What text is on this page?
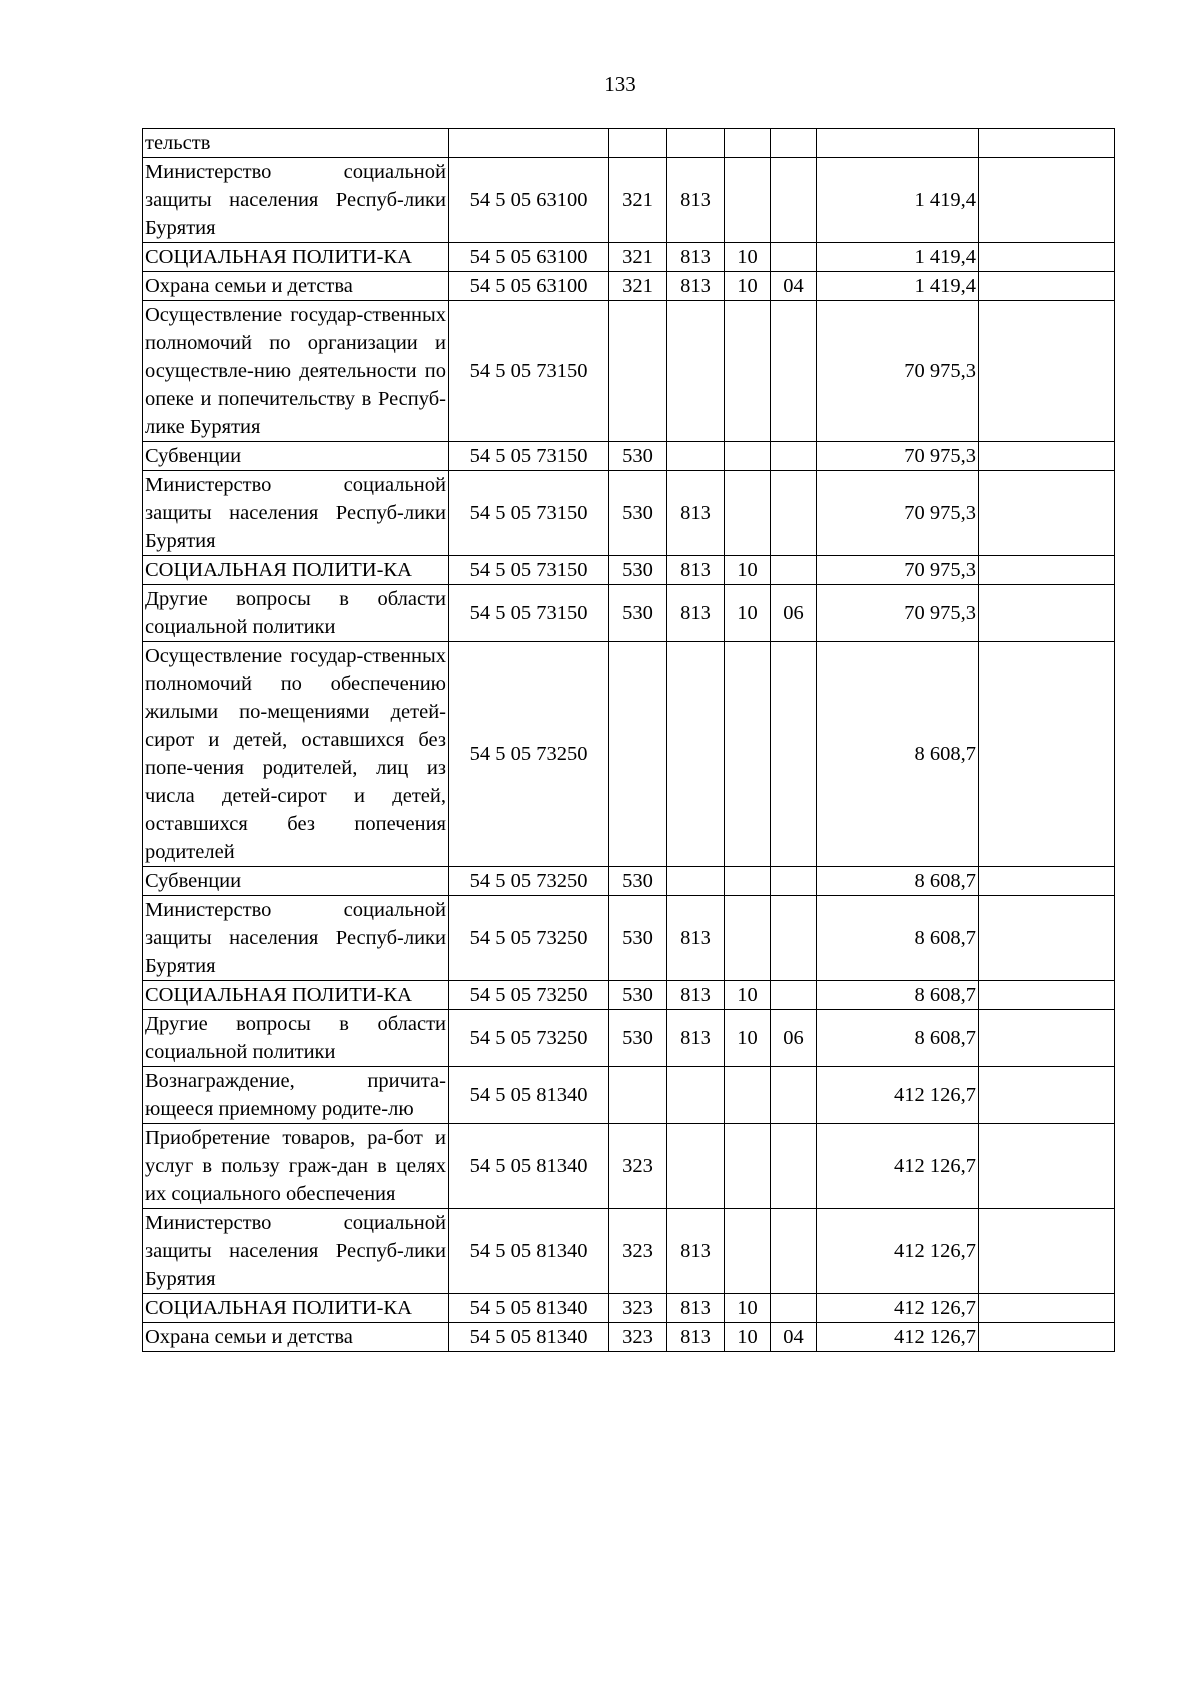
133
тельств							
Министерство социальной защиты населения Респуб-лики Бурятия	54 5 05 63100	321	813			1 419,4	
СОЦИАЛЬНАЯ ПОЛИТИ-КА	54 5 05 63100	321	813	10		1 419,4	
Охрана семьи и детства	54 5 05 63100	321	813	10	04	1 419,4	
Осуществление государ-ственных полномочий по организации и осуществле-нию деятельности по опеке и попечительству в Респуб-лике Бурятия	54 5 05 73150					70 975,3	
Субвенции	54 5 05 73150	530				70 975,3	
Министерство социальной защиты населения Респуб-лики Бурятия	54 5 05 73150	530	813			70 975,3	
СОЦИАЛЬНАЯ ПОЛИТИ-КА	54 5 05 73150	530	813	10		70 975,3	
Другие вопросы в области социальной политики	54 5 05 73150	530	813	10	06	70 975,3	
Осуществление государ-ственных полномочий по обеспечению жилыми по-мещениями детей-сирот и детей, оставшихся без попе-чения родителей, лиц из числа детей-сирот и детей, оставшихся без попечения родителей	54 5 05 73250					8 608,7	
Субвенции	54 5 05 73250	530				8 608,7	
Министерство социальной защиты населения Респуб-лики Бурятия	54 5 05 73250	530	813			8 608,7	
СОЦИАЛЬНАЯ ПОЛИТИ-КА	54 5 05 73250	530	813	10		8 608,7	
Другие вопросы в области социальной политики	54 5 05 73250	530	813	10	06	8 608,7	
Вознаграждение, причита-ющееся приемному родите-лю	54 5 05 81340					412 126,7	
Приобретение товаров, ра-бот и услуг в пользу граж-дан в целях их социального обеспечения	54 5 05 81340	323				412 126,7	
Министерство социальной защиты населения Респуб-лики Бурятия	54 5 05 81340	323	813			412 126,7	
СОЦИАЛЬНАЯ ПОЛИТИ-КА	54 5 05 81340	323	813	10		412 126,7	
Охрана семьи и детства	54 5 05 81340	323	813	10	04	412 126,7	
